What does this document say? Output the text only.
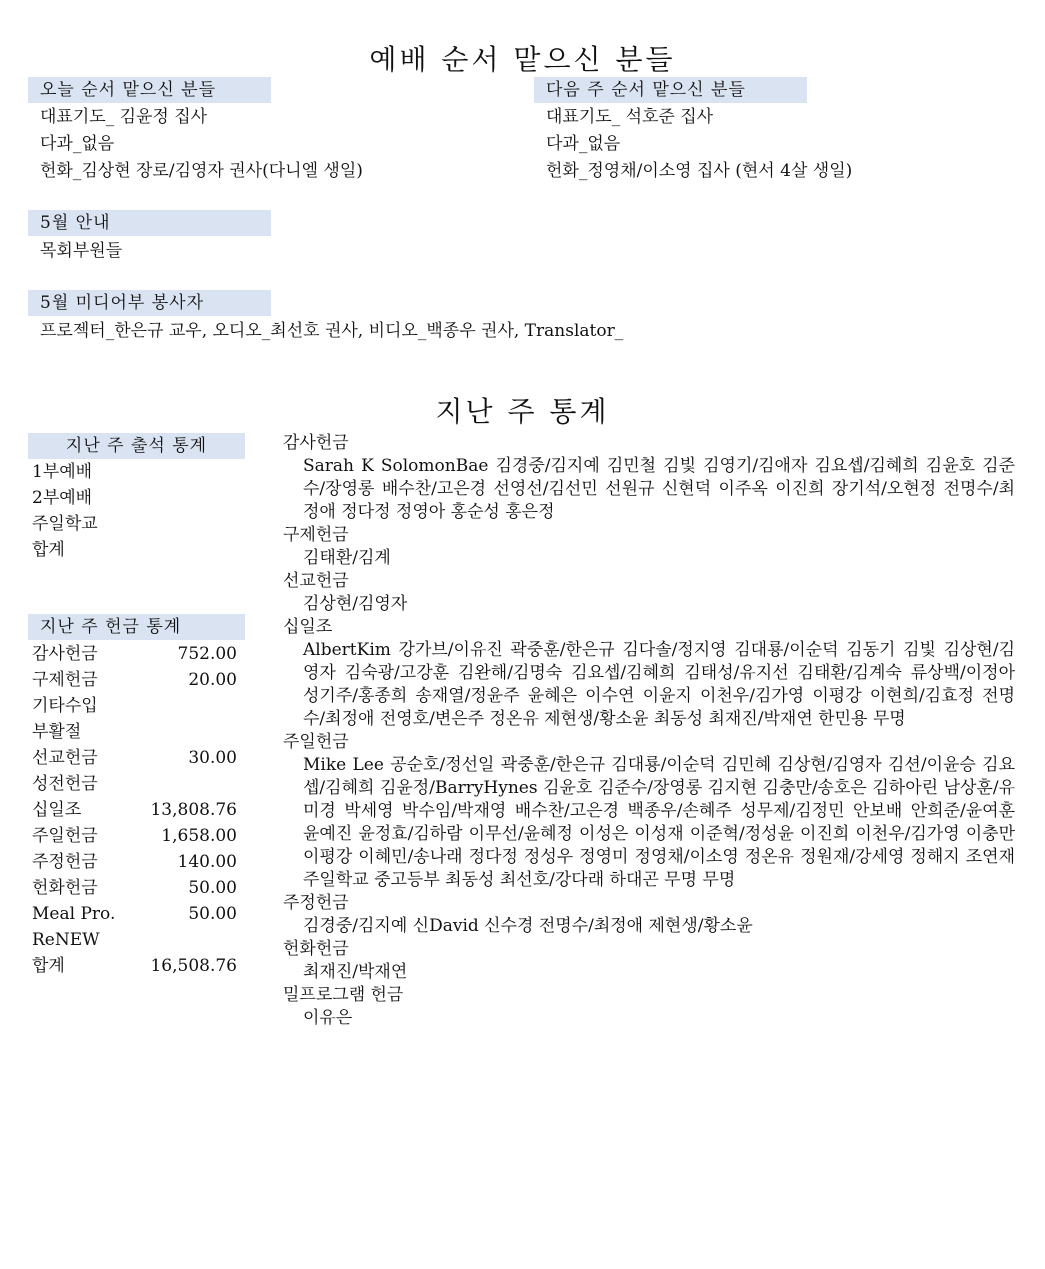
예배 순서 맡으신 분들
오늘 순서 맡으신 분들
대표기도_ 김윤정 집사
다과_없음
헌화_김상현 장로/김영자 권사(다니엘 생일)
다음 주 순서 맡으신 분들
대표기도_ 석호준 집사
다과_없음
헌화_정영채/이소영 집사 (현서 4살 생일)
5월 안내
목회부원들
5월 미디어부 봉사자
프로젝터_한은규 교우, 오디오_최선호 권사, 비디오_백종우 권사, Translator_
지난 주 통계
지난 주 출석 통계
1부예배
2부예배
주일학교
합계
지난 주 헌금 통계
감사헌금	752.00
구제헌금	20.00
기타수입
부활절
선교헌금	30.00
성전헌금
십일조	13,808.76
주일헌금	1,658.00
주정헌금	140.00
헌화헌금	50.00
Meal Pro.	50.00
ReNEW
합계	16,508.76
감사헌금
Sarah K SolomonBae 김경중/김지예 김민철 김빛 김영기/김애자 김요셉/김혜희 김윤호 김준수/장영롱 배수찬/고은경 선영선/김선민 선원규 신현덕 이주옥 이진희 장기석/오현정 전명수/최정애 정다정 정영아 홍순성 홍은정
구제헌금
김태환/김계
선교헌금
김상현/김영자
십일조
AlbertKim 강가브/이유진 곽중훈/한은규 김다솔/정지영 김대룡/이순덕 김동기 김빛 김상현/김영자 김숙광/고강훈 김완해/김명숙 김요셉/김혜희 김태성/유지선 김태환/김계숙 류상백/이정아 성기주/홍종희 송재열/정윤주 윤혜은 이수연 이윤지 이천우/김가영 이평강 이현희/김효정 전명수/최정애 전영호/변은주 정온유 제현생/황소윤 최동성 최재진/박재연 한민용 무명
주일헌금
Mike Lee 공순호/정선일 곽중훈/한은규 김대룡/이순덕 김민혜 김상현/김영자 김션/이윤승 김요셉/김혜희 김윤정/BarryHynes 김윤호 김준수/장영롱 김지현 김충만/송호은 김하아린 남상훈/유미경 박세영 박수임/박재영 배수찬/고은경 백종우/손혜주 성무제/김정민 안보배 안희준/윤여훈 윤예진 윤정효/김하람 이무선/윤혜정 이성은 이성재 이준혁/정성윤 이진희 이천우/김가영 이충만 이평강 이혜민/송나래 정다정 정성우 정영미 정영채/이소영 정온유 정원재/강세영 정해지 조연재 주일학교 중고등부 최동성 최선호/강다래 하대곤 무명 무명
주정헌금
김경중/김지예 신David 신수경 전명수/최정애 제현생/황소윤
헌화헌금
최재진/박재연
밀프로그램 헌금
이유은
